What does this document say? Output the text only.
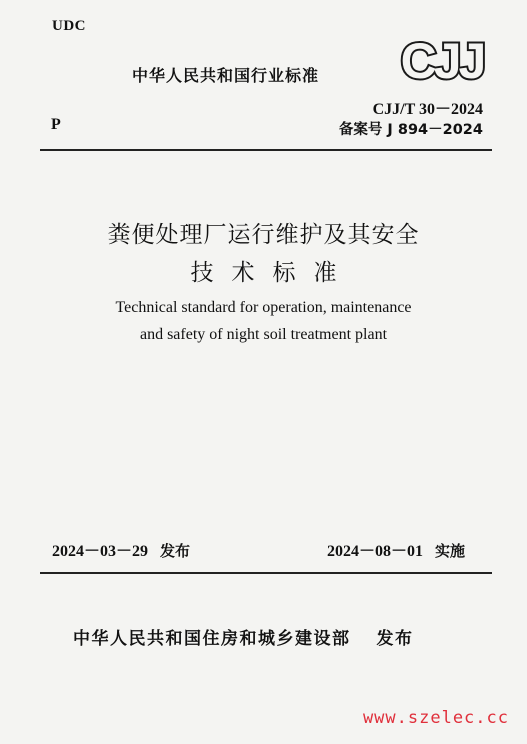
UDC
中华人民共和国行业标准 CJJ
CJJ/T 30－2024
备案号 J 894－2024
P
粪便处理厂运行维护及其安全
技术标准
Technical standard for operation, maintenance
and safety of night soil treatment plant
2024－03－29 发布	2024－08－01 实施
中华人民共和国住房和城乡建设部 发布
www.szelec.cc
